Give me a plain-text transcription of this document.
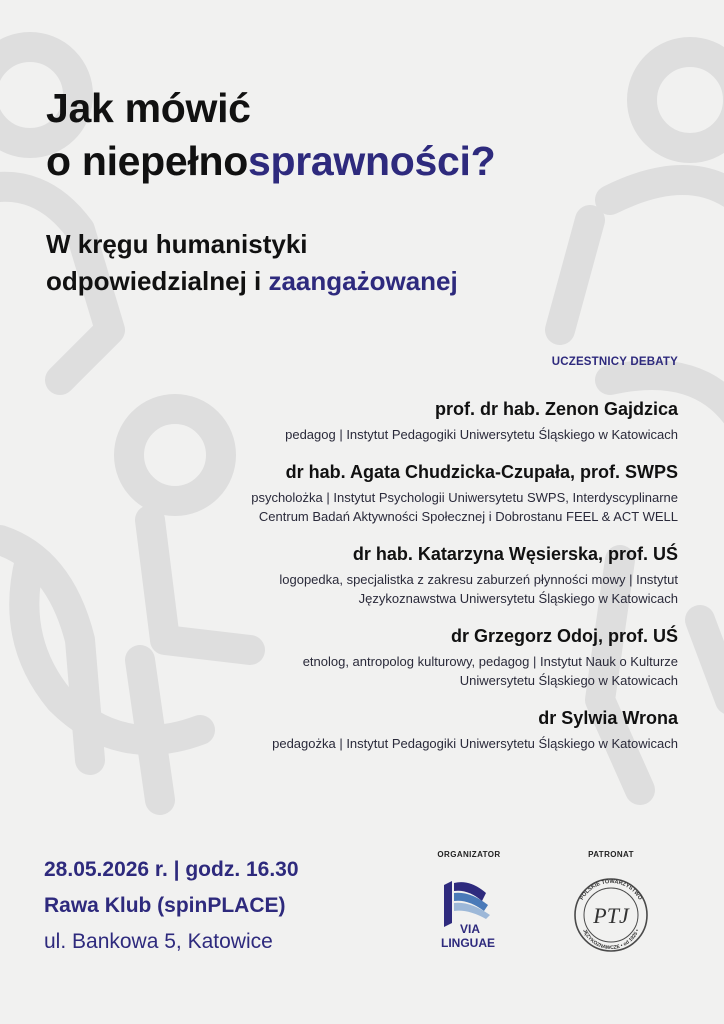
Jak mówić
o niepełnosprawności?
W kręgu humanistyki
odpowiedzialnej i zaangażowanej
UCZESTNICY DEBATY
prof. dr hab. Zenon Gajdzica
pedagog | Instytut Pedagogiki Uniwersytetu Śląskiego w Katowicach
dr hab. Agata Chudzicka-Czupała, prof. SWPS
psycholożka | Instytut Psychologii Uniwersytetu SWPS, Interdyscyplinarne
Centrum Badań Aktywności Społecznej i Dobrostanu FEEL & ACT WELL
dr hab. Katarzyna Węsierska, prof. UŚ
logopedka, specjalistka z zakresu zaburzeń płynności mowy | Instytut
Językoznawstwa Uniwersytetu Śląskiego w Katowicach
dr Grzegorz Odoj, prof. UŚ
etnolog, antropolog kulturowy, pedagog | Instytut Nauk o Kulturze
Uniwersytetu Śląskiego w Katowicach
dr Sylwia Wrona
pedagożka | Instytut Pedagogiki Uniwersytetu Śląskiego w Katowicach
28.05.2026 r. | godz. 16.30
Rawa Klub (spinPLACE)
ul. Bankowa 5, Katowice
ORGANIZATOR
VIA
LINGUAE
PATRONAT
POLSKIE TOWARZYSTWO
JĘZYKOZNAWCZE • od 1925 •
PTJ
